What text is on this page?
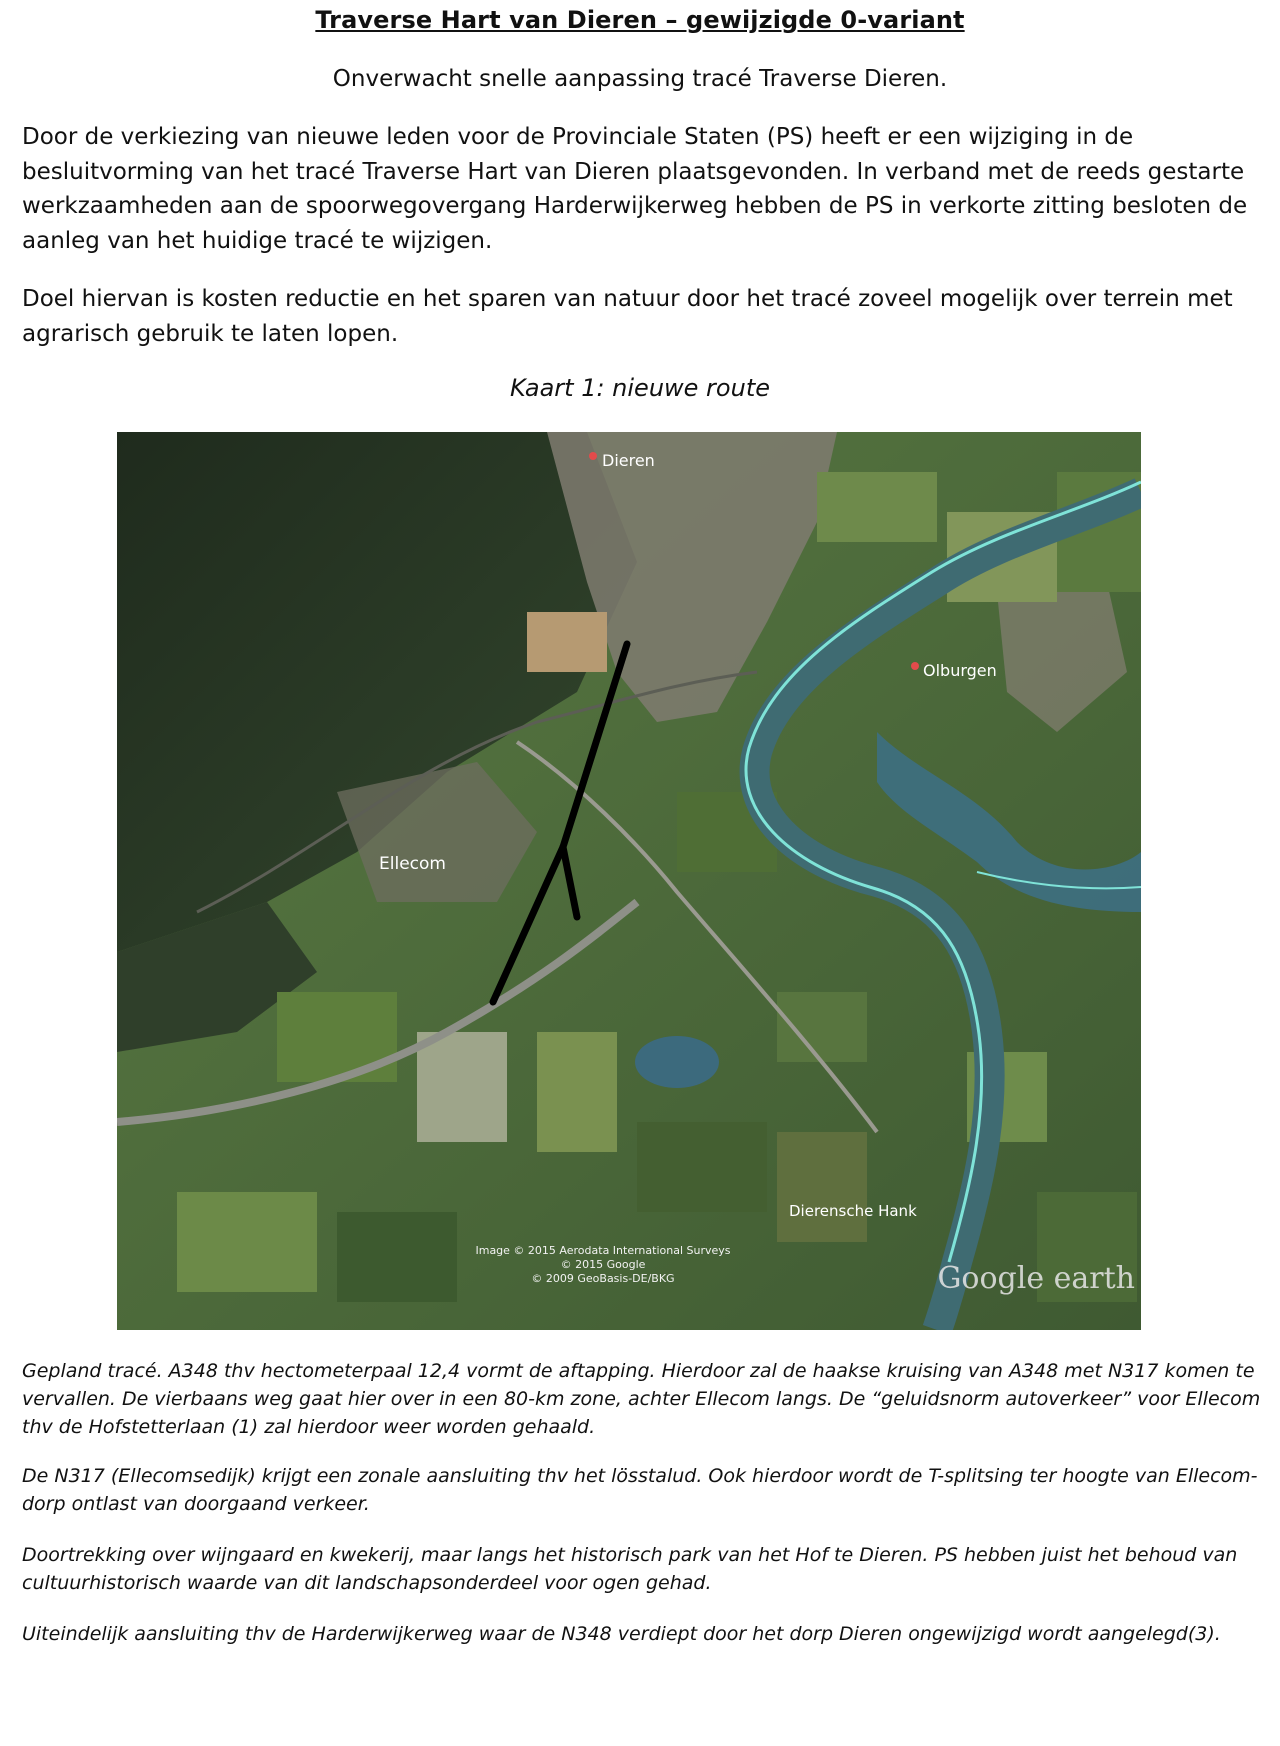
Traverse Hart van Dieren – gewijzigde 0-variant
Onverwacht snelle aanpassing tracé Traverse Dieren.

Door de verkiezing van nieuwe leden voor de Provinciale Staten (PS) heeft er een wijziging in de besluitvorming van het tracé Traverse Hart van Dieren plaatsgevonden. In verband met de reeds gestarte werkzaamheden aan de spoorwegovergang Harderwijkerweg hebben de PS in verkorte zitting besloten de aanleg van het huidige tracé te wijzigen.

Doel hiervan is kosten reductie en het sparen van natuur door het tracé zoveel mogelijk over terrein met agrarisch gebruik te laten lopen.

Kaart 1: nieuwe route
Dieren
Olburgen
Ellecom
Dierensche Hank
Image © 2015 Aerodata International Surveys
© 2015 Google
© 2009 GeoBasis-DE/BKG	Google earth

Gepland tracé. A348 thv hectometerpaal 12,4 vormt de aftapping. Hierdoor zal de haakse kruising van A348 met N317 komen te vervallen. De vierbaans weg gaat hier over in een 80-km zone, achter Ellecom langs. De “geluidsnorm autoverkeer” voor Ellecom thv de Hofstetterlaan (1) zal hierdoor weer worden gehaald.

De N317 (Ellecomsedijk) krijgt een zonale aansluiting thv het lösstalud. Ook hierdoor wordt de T-splitsing ter hoogte van Ellecom-dorp ontlast van doorgaand verkeer.

Doortrekking over wijngaard en kwekerij, maar langs het historisch park van het Hof te Dieren. PS hebben juist het behoud van cultuurhistorisch waarde van dit landschapsonderdeel voor ogen gehad.

Uiteindelijk aansluiting thv de Harderwijkerweg waar de N348 verdiept door het dorp Dieren ongewijzigd wordt aangelegd(3).
